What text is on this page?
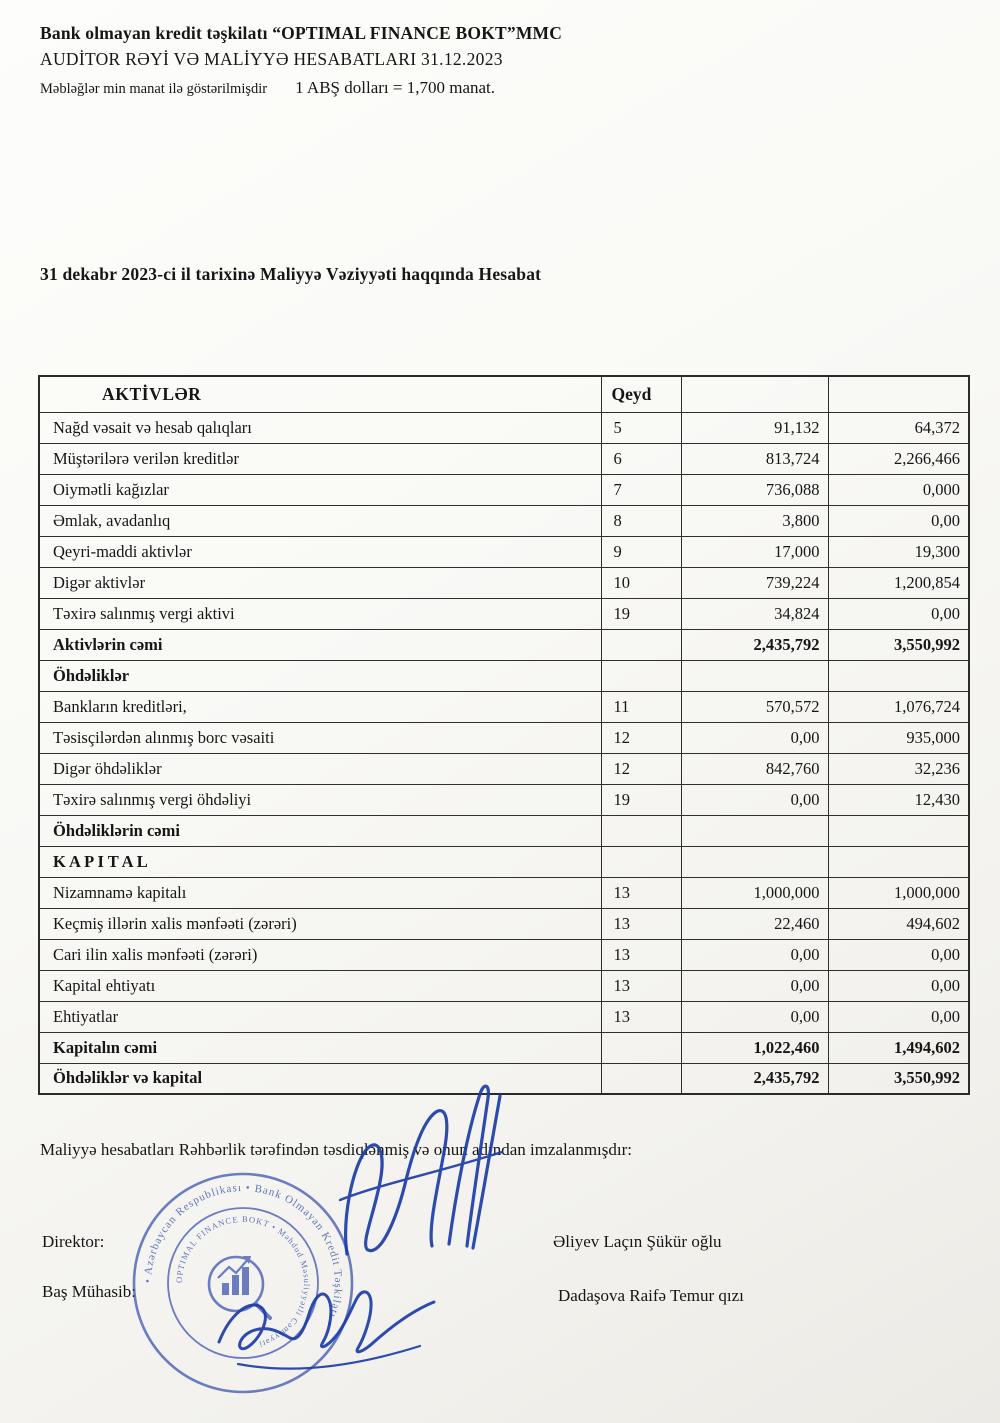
Bank olmayan kredit təşkilatı “OPTIMAL FINANCE BOKT”MMC
AUDİTOR RƏYİ VƏ MALİYYƏ HESABATLARI 31.12.2023
Məbləğlər min manat ilə göstərilmişdir 1 ABŞ dolları = 1,700 manat.
31 dekabr 2023-ci il tarixinə Maliyyə Vəziyyəti haqqında Hesabat
AKTİVLƏR	Qeyd		
Nağd vəsait və hesab qalıqları	5	91,132	64,372
Müştərilərə verilən kreditlər	6	813,724	2,266,466
Oiymətli kağızlar	7	736,088	0,000
Əmlak, avadanlıq	8	3,800	0,00
Qeyri-maddi aktivlər	9	17,000	19,300
Digər aktivlər	10	739,224	1,200,854
Təxirə salınmış vergi aktivi	19	34,824	0,00
Aktivlərin cəmi		2,435,792	3,550,992
Öhdəliklər			
Bankların kreditləri,	11	570,572	1,076,724
Təsisçilərdən alınmış borc vəsaiti	12	0,00	935,000
Digər öhdəliklər	12	842,760	32,236
Təxirə salınmış vergi öhdəliyi	19	0,00	12,430
Öhdəliklərin cəmi			
K A P I T A L			
Nizamnamə kapitalı	13	1,000,000	1,000,000
Keçmiş illərin xalis mənfəəti (zərəri)	13	22,460	494,602
Cari ilin xalis mənfəəti (zərəri)	13	0,00	0,00
Kapital ehtiyatı	13	0,00	0,00
Ehtiyatlar	13	0,00	0,00
Kapitalın cəmi		1,022,460	1,494,602
Öhdəliklər və kapital		2,435,792	3,550,992
Maliyyə hesabatları Rəhbərlik tərəfindən təsdiqlənmiş və onun adından imzalanmışdır:
Direktor:	Əliyev Laçın Şükür oğlu
Baş Mühasib:	Dadaşova Raifə Temur qızı
• Azərbaycan Respublikası • Bank Olmayan Kredit Təşkilatı •
OPTIMAL FINANCE BOKT • Məhdud Məsuliyyətli Cəmiyyəti
